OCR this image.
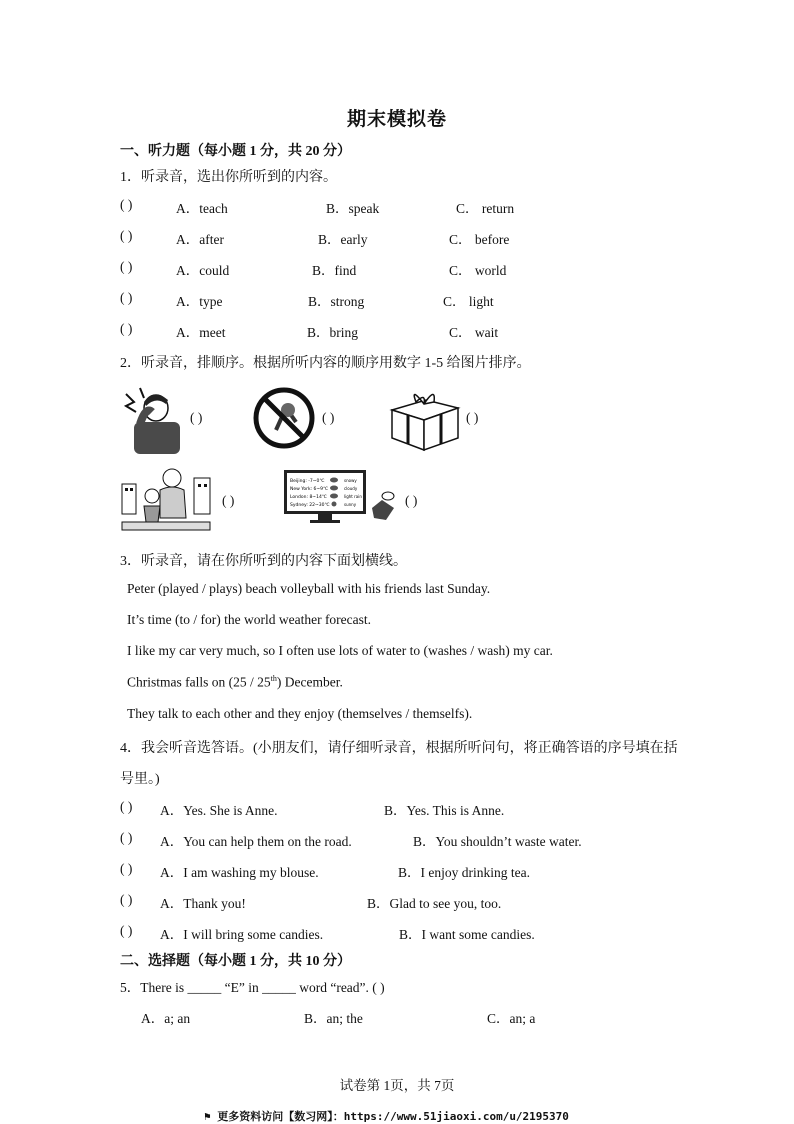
期末模拟卷
一、听力题（每小题 1 分，共 20 分）
1．听录音，选出你所听到的内容。
( )	A．teach	B．speak	C． return
( )	A．after	B．early	C． before
( )	A．could	B．find	C． world
( )	A．type	B．strong	C． light
( )	A．meet	B．bring	C． wait
2．听录音，排顺序。根据所听内容的顺序用数字 1-5 给图片排序。
( )	( )	( )
( )
Beijing: -7~0℃
New York: 6~9℃
London: 8~14℃
Sydney: 22~30℃
snowy
cloudy
light rain
sunny	( )
3．听录音，请在你所听到的内容下面划横线。
Peter (played / plays) beach volleyball with his friends last Sunday.
It’s time (to / for) the world weather forecast.
I like my car very much, so I often use lots of water to (washes / wash) my car.
Christmas falls on (25 / 25th) December.
They talk to each other and they enjoy (themselves / themselfs).
4．我会听音选答语。(小朋友们，请仔细听录音，根据所听问句，将正确答语的序号填在括
号里。)
( ) A．Yes. She is Anne.	B．Yes. This is Anne.
( ) A．You can help them on the road.	B．You shouldn’t waste water.
( ) A．I am washing my blouse.	B．I enjoy drinking tea.
( ) A．Thank you!	B．Glad to see you, too.
( ) A．I will bring some candies.	B．I want some candies.
二、选择题（每小题 1 分，共 10 分）
5．There is _____ “E” in _____ word “read”. ( )
A．a; an	B．an; the	C．an; a
试卷第 1页，共 7页
⚑ 更多资料访问【数习网】：https://www.51jiaoxi.com/u/2195370
